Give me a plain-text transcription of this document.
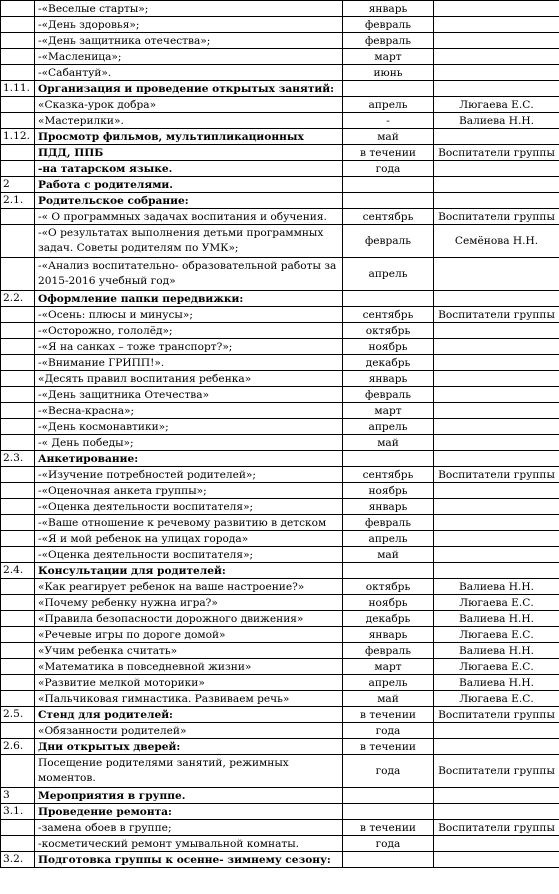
	-«Веселые старты»;	январь	
	-«День здоровья»;	февраль	
	-«День защитника отечества»;	февраль	
	-«Масленица»;	март	
	-«Сабантуй».	июнь	
1.11.	Организация и проведение открытых занятий:		
	«Сказка-урок добра»	апрель	Люгаева Е.С.
	«Мастерилки».	-	Валиева Н.Н.
1.12.	Просмотр фильмов, мультипликационных	май	
	ПДД, ППБ	в течении	Воспитатели группы
	-на татарском языке.	года	
2	Работа с родителями.		
2.1.	Родительское собрание:		
	-« О программных задачах воспитания и обучения.	сентябрь	Воспитатели группы
	-«О результатах выполнения детьми программных задач. Советы родителям по УМК»;	февраль	Семёнова Н.Н.
	-«Анализ воспитательно- образовательной работы за 2015-2016 учебный год»	апрель	
2.2.	Оформление папки передвижки:		
	-«Осень: плюсы и минусы»;	сентябрь	Воспитатели группы
	-«Осторожно, гололёд»;	октябрь	
	-«Я на санках – тоже транспорт?»;	ноябрь	
	-«Внимание ГРИПП!».	декабрь	
	«Десять правил воспитания ребенка»	январь	
	-«День защитника Отечества»	февраль	
	-«Весна-красна»;	март	
	-«День космонавтики»;	апрель	
	-« День победы»;	май	
2.3.	Анкетирование:		
	-«Изучение потребностей родителей»;	сентябрь	Воспитатели группы
	-«Оценочная анкета группы»;	ноябрь	
	-«Оценка деятельности воспитателя»;	январь	
	-«Ваше отношение к речевому развитию в детском	февраль	
	-«Я и мой ребенок на улицах города»	апрель	
	-«Оценка деятельности воспитателя»;	май	
2.4.	Консультации для родителей:		
	«Как реагирует ребенок на ваше настроение?»	октябрь	Валиева Н.Н.
	«Почему ребенку нужна игра?»	ноябрь	Люгаева Е.С.
	«Правила безопасности дорожного движения»	декабрь	Валиева Н.Н.
	«Речевые игры по дороге домой»	январь	Люгаева Е.С.
	«Учим ребенка считать»	февраль	Валиева Н.Н.
	«Математика в повседневной жизни»	март	Люгаева Е.С.
	«Развитие мелкой моторики»	апрель	Валиева Н.Н.
	«Пальчиковая гимнастика. Развиваем речь»	май	Люгаева Е.С.
2.5.	Стенд для родителей:	в течении	Воспитатели группы
	«Обязанности родителей»	года	
2.6.	Дни открытых дверей:	в течении	
	Посещение родителями занятий, режимных моментов.	года	Воспитатели группы
3	Мероприятия в группе.		
3.1.	Проведение ремонта:		
	-замена обоев в группе;	в течении	Воспитатели группы
	-косметический ремонт умывальной комнаты.	года	
3.2.	Подготовка группы к осенне- зимнему сезону:		
